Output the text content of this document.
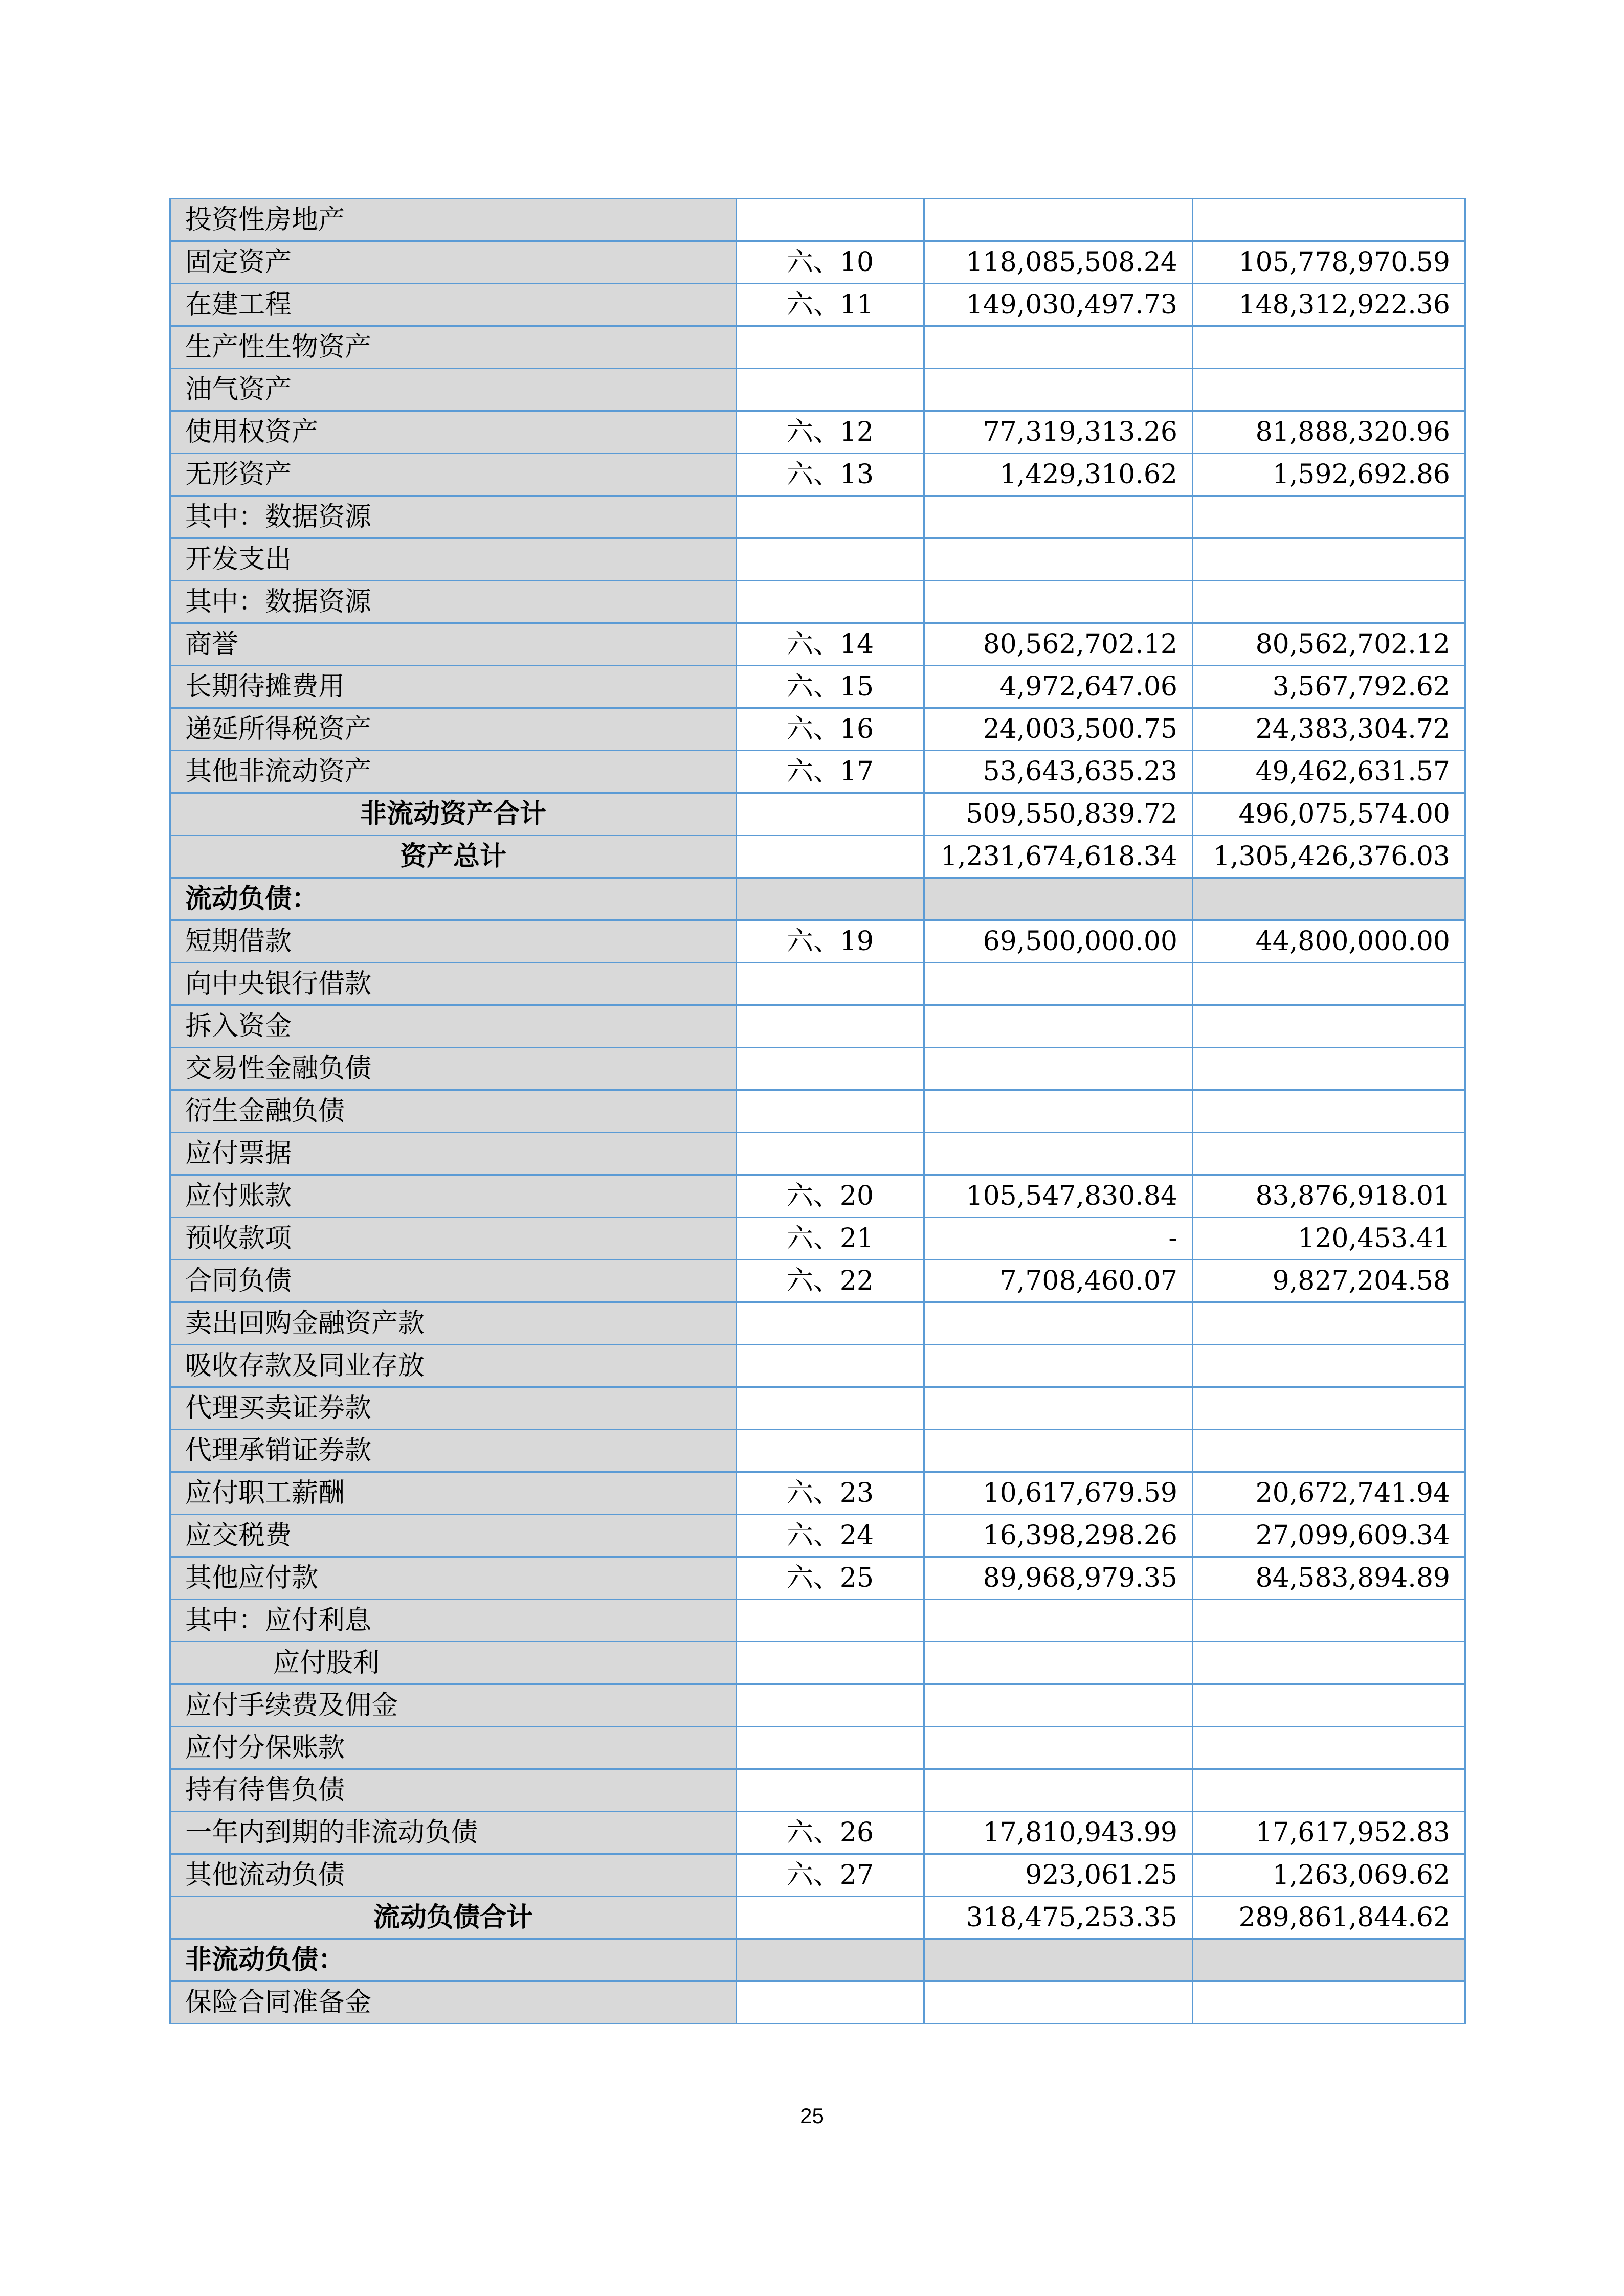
投资性房地产			
固定资产	六、10	118,085,508.24	105,778,970.59
在建工程	六、11	149,030,497.73	148,312,922.36
生产性生物资产			
油气资产			
使用权资产	六、12	77,319,313.26	81,888,320.96
无形资产	六、13	1,429,310.62	1,592,692.86
其中：数据资源			
开发支出			
其中：数据资源			
商誉	六、14	80,562,702.12	80,562,702.12
长期待摊费用	六、15	4,972,647.06	3,567,792.62
递延所得税资产	六、16	24,003,500.75	24,383,304.72
其他非流动资产	六、17	53,643,635.23	49,462,631.57
非流动资产合计		509,550,839.72	496,075,574.00
资产总计		1,231,674,618.34	1,305,426,376.03
流动负债：			
短期借款	六、19	69,500,000.00	44,800,000.00
向中央银行借款			
拆入资金			
交易性金融负债			
衍生金融负债			
应付票据			
应付账款	六、20	105,547,830.84	83,876,918.01
预收款项	六、21	-	120,453.41
合同负债	六、22	7,708,460.07	9,827,204.58
卖出回购金融资产款			
吸收存款及同业存放			
代理买卖证券款			
代理承销证券款			
应付职工薪酬	六、23	10,617,679.59	20,672,741.94
应交税费	六、24	16,398,298.26	27,099,609.34
其他应付款	六、25	89,968,979.35	84,583,894.89
其中：应付利息			
应付股利			
应付手续费及佣金			
应付分保账款			
持有待售负债			
一年内到期的非流动负债	六、26	17,810,943.99	17,617,952.83
其他流动负债	六、27	923,061.25	1,263,069.62
流动负债合计		318,475,253.35	289,861,844.62
非流动负债：			
保险合同准备金			
25
